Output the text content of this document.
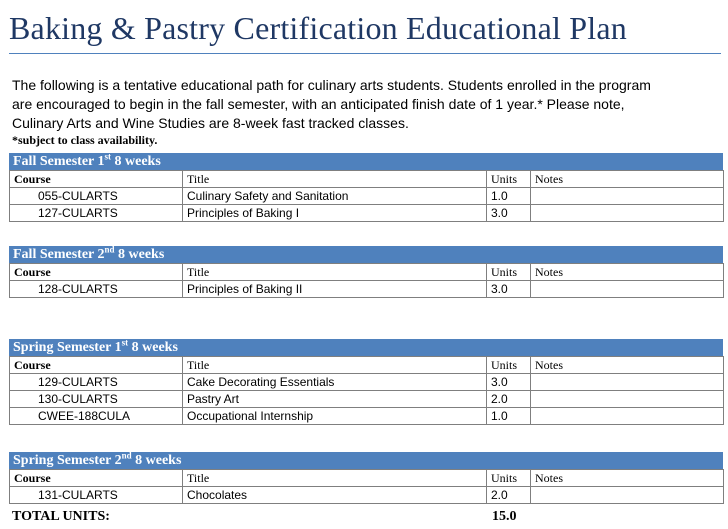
Baking & Pastry Certification Educational Plan
The following is a tentative educational path for culinary arts students. Students enrolled in the program
are encouraged to begin in the fall semester, with an anticipated finish date of 1 year.* Please note,
Culinary Arts and Wine Studies are 8-week fast tracked classes.
*subject to class availability.
Fall Semester 1st 8 weeks
Course	Title	Units	Notes
055-CULARTS	Culinary Safety and Sanitation	1.0	
127-CULARTS	Principles of Baking I	3.0	
Fall Semester 2nd 8 weeks
Course	Title	Units	Notes
128-CULARTS	Principles of Baking II	3.0	
Spring Semester 1st 8 weeks
Course	Title	Units	Notes
129-CULARTS	Cake Decorating Essentials	3.0	
130-CULARTS	Pastry Art	2.0	
CWEE-188CULA	Occupational Internship	1.0	
Spring Semester 2nd 8 weeks
Course	Title	Units	Notes
131-CULARTS	Chocolates	2.0	
TOTAL UNITS:	15.0
